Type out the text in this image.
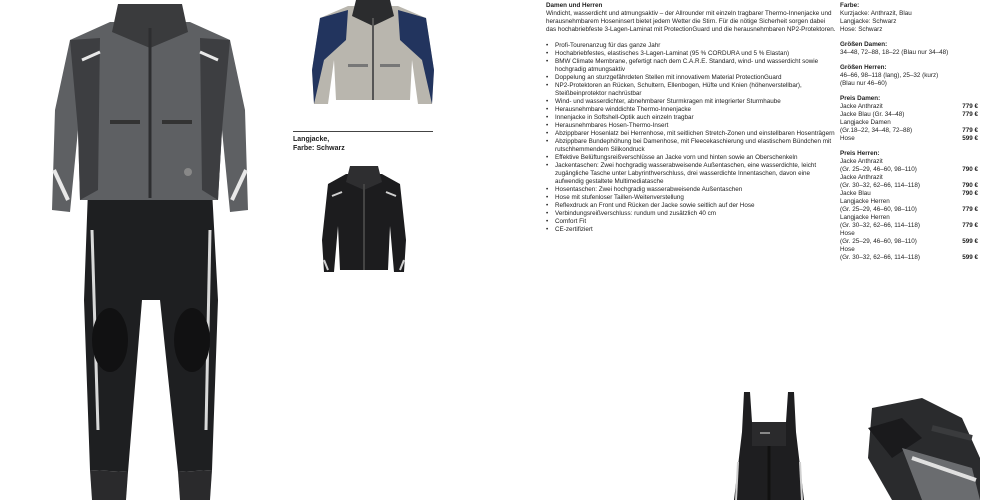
Langjacke,
Farbe: Schwarz
Damen und Herren
Windicht, wasserdicht und atmungsaktiv – der Allrounder mit einzeln tragbarer Thermo-Innenjacke und herausnehmbarem Hoseninsert bietet jedem Wetter die Stirn. Für die nötige Sicherheit sorgen dabei das hochabriebfeste 3-Lagen-Laminat mit ProtectionGuard und die herausnehmbaren NP2-Protektoren.
• Profi-Tourenanzug für das ganze Jahr
• Hochabriebfestes, elastisches 3-Lagen-Laminat (95 % CORDURA und 5 % Elastan)
• BMW Climate Membrane, gefertigt nach dem C.A.R.E. Standard, wind- und wasserdicht sowie hochgradig atmungsaktiv
• Doppelung an sturzgefährdeten Stellen mit innovativem Material ProtectionGuard
• NP2-Protektoren an Rücken, Schultern, Ellenbogen, Hüfte und Knien (höhenverstellbar), Steißbeinprotektor nachrüstbar
• Wind- und wasserdichter, abnehmbarer Sturmkragen mit integrierter Sturmhaube
• Herausnehmbare winddichte Thermo-Innenjacke
• Innenjacke in Softshell-Optik auch einzeln tragbar
• Herausnehmbares Hosen-Thermo-Insert
• Abzippbarer Hosenlatz bei Herrenhose, mit seitlichen Stretch-Zonen und einstellbaren Hosenträgern
• Abzippbare Bundерhöhung bei Damenhose, mit Fleecekaschierung und elastischem Bündchen mit rutschhemmendem Silikondruck
• Effektive Belüftungsreißverschlüsse an Jacke vorn und hinten sowie an Oberschenkeln
• Jackentaschen: Zwei hochgradig wasserabweisende Außentaschen, eine wasserdichte, leicht zugängliche Tasche unter Labyrinthverschluss, drei wasserdichte Innentaschen, davon eine aufwendig gestaltete Multimediatasche
• Hosentaschen: Zwei hochgradig wasserabweisende Außentaschen
• Hose mit stufenloser Taillen-Weitenverstellung
• Reflexdruck an Front und Rücken der Jacke sowie seitlich auf der Hose
• Verbindungsreißverschluss: rundum und zusätzlich 40 cm
• Comfort Fit
• CE-zertifiziert
Farbe:
Kurzjacke: Anthrazit, Blau
Langjacke: Schwarz
Hose: Schwarz
Größen Damen:
34–48, 72–88, 18–22 (Blau nur 34–48)
Größen Herren:
46–66, 98–118 (lang), 25–32 (kurz)
(Blau nur 46–60)
Preis Damen:
Jacke Anthrazit	779 €
Jacke Blau (Gr. 34–48)	779 €
Langjacke Damen
(Gr.18–22, 34–48, 72–88)	779 €
Hose	599 €
Preis Herren:
Jacke Anthrazit
(Gr. 25–29, 46–60, 98–110)	790 €
Jacke Anthrazit
(Gr. 30–32, 62–66, 114–118)	790 €
Jacke Blau	790 €
Langjacke Herren
(Gr. 25–29, 46–60, 98–110)	779 €
Langjacke Herren
(Gr. 30–32, 62–66, 114–118)	779 €
Hose
(Gr. 25–29, 46–60, 98–110)	599 €
Hose
(Gr. 30–32, 62–66, 114–118)	599 €
